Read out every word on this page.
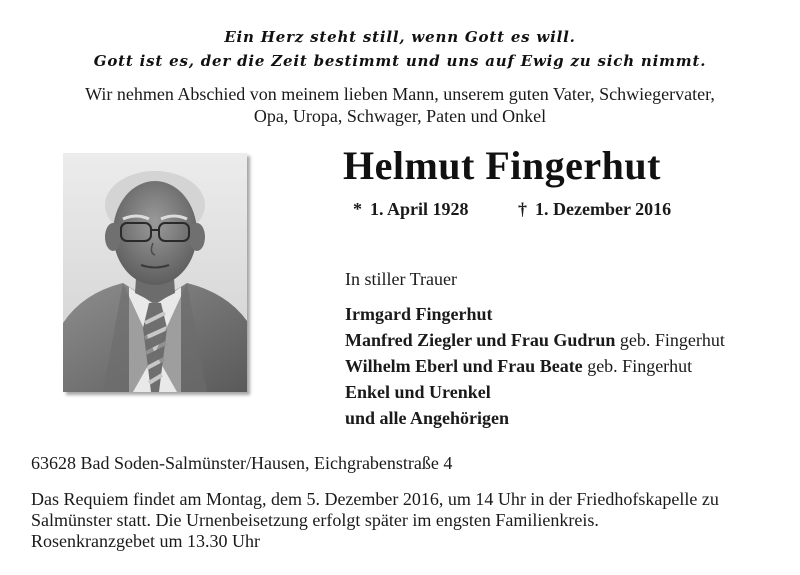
Ein Herz steht still, wenn Gott es will.
Gott ist es, der die Zeit bestimmt und uns auf Ewig zu sich nimmt.
Wir nehmen Abschied von meinem lieben Mann, unserem guten Vater, Schwiegervater,
Opa, Uropa, Schwager, Paten und Onkel
Helmut Fingerhut
* 1. April 1928	† 1. Dezember 2016
In stiller Trauer
Irmgard Fingerhut
Manfred Ziegler und Frau Gudrun geb. Fingerhut
Wilhelm Eberl und Frau Beate geb. Fingerhut
Enkel und Urenkel
und alle Angehörigen
63628 Bad Soden-Salmünster/Hausen, Eichgrabenstraße 4
Das Requiem findet am Montag, dem 5. Dezember 2016, um 14 Uhr in der Friedhofskapelle zu
Salmünster statt. Die Urnenbeisetzung erfolgt später im engsten Familienkreis.
Rosenkranzgebet um 13.30 Uhr
